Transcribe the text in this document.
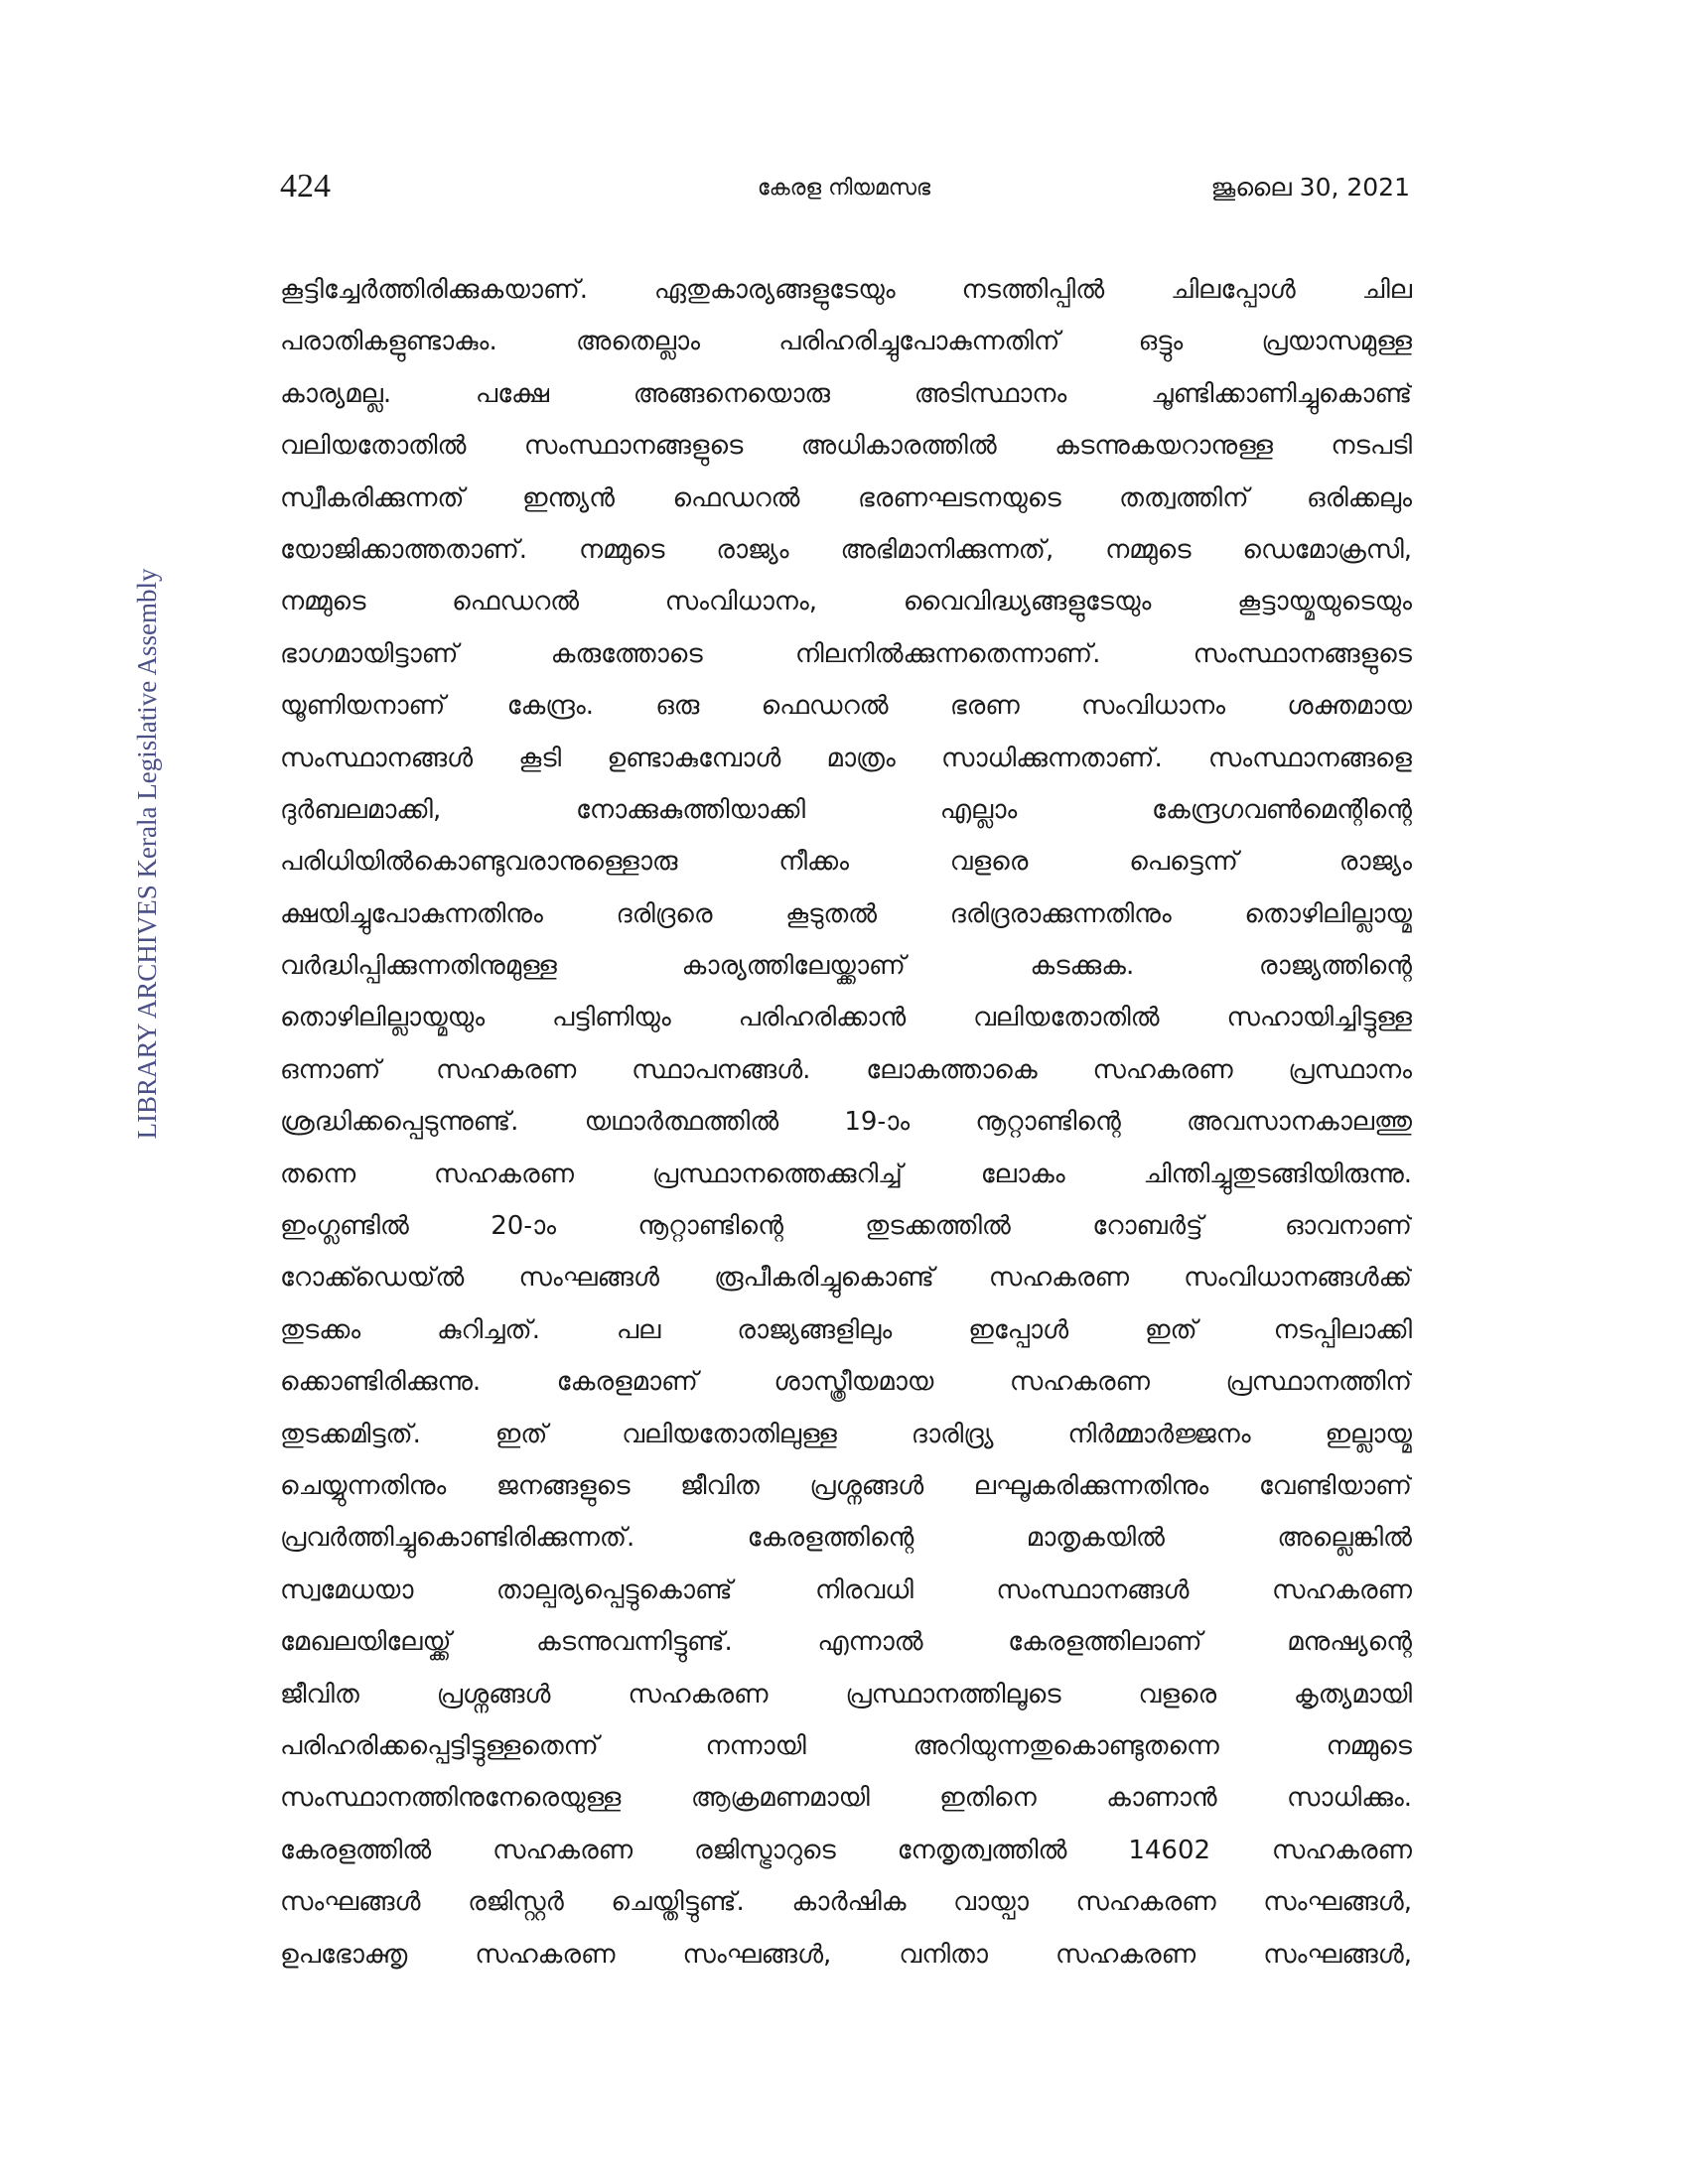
424	കേരള നിയമസഭ	ജൂലൈ 30, 2021
LIBRARY ARCHIVES Kerala Legislative Assembly
കൂട്ടിച്ചേർത്തിരിക്കുകയാണ്. ഏതുകാര്യങ്ങളുടേയും നടത്തിപ്പിൽ ചിലപ്പോൾ ചില
പരാതികളുണ്ടാകും. അതെല്ലാം പരിഹരിച്ചുപോകുന്നതിന് ഒട്ടും പ്രയാസമുള്ള
കാര്യമല്ല. പക്ഷേ അങ്ങനെയൊരു അടിസ്ഥാനം ചൂണ്ടിക്കാണിച്ചുകൊണ്ട്
വലിയതോതിൽ സംസ്ഥാനങ്ങളുടെ അധികാരത്തിൽ കടന്നുകയറാനുള്ള നടപടി
സ്വീകരിക്കുന്നത് ഇന്ത്യൻ ഫെഡറൽ ഭരണഘടനയുടെ തത്വത്തിന് ഒരിക്കലും
യോജിക്കാത്തതാണ്. നമ്മുടെ രാജ്യം അഭിമാനിക്കുന്നത്, നമ്മുടെ ഡെമോക്രസി,
നമ്മുടെ ഫെഡറൽ സംവിധാനം, വൈവിദ്ധ്യങ്ങളുടേയും കൂട്ടായ്മയുടെയും
ഭാഗമായിട്ടാണ് കരുത്തോടെ നിലനിൽക്കുന്നതെന്നാണ്. സംസ്ഥാനങ്ങളുടെ
യൂണിയനാണ് കേന്ദ്രം. ഒരു ഫെഡറൽ ഭരണ സംവിധാനം ശക്തമായ
സംസ്ഥാനങ്ങൾ കൂടി ഉണ്ടാകുമ്പോൾ മാത്രം സാധിക്കുന്നതാണ്. സംസ്ഥാനങ്ങളെ
ദുർബലമാക്കി, നോക്കുകുത്തിയാക്കി എല്ലാം കേന്ദ്രഗവൺമെന്റിന്റെ
പരിധിയിൽകൊണ്ടുവരാനുള്ളൊരു നീക്കം വളരെ പെട്ടെന്ന് രാജ്യം
ക്ഷയിച്ചുപോകുന്നതിനും ദരിദ്രരെ കൂടുതൽ ദരിദ്രരാക്കുന്നതിനും തൊഴിലില്ലായ്മ
വർദ്ധിപ്പിക്കുന്നതിനുമുള്ള കാര്യത്തിലേയ്ക്കാണ് കടക്കുക. രാജ്യത്തിന്റെ
തൊഴിലില്ലായ്മയും പട്ടിണിയും പരിഹരിക്കാൻ വലിയതോതിൽ സഹായിച്ചിട്ടുള്ള
ഒന്നാണ് സഹകരണ സ്ഥാപനങ്ങൾ. ലോകത്താകെ സഹകരണ പ്രസ്ഥാനം
ശ്രദ്ധിക്കപ്പെടുന്നുണ്ട്. യഥാർത്ഥത്തിൽ 19-ാം നൂറ്റാണ്ടിന്റെ അവസാനകാലത്തു
തന്നെ സഹകരണ പ്രസ്ഥാനത്തെക്കുറിച്ച് ലോകം ചിന്തിച്ചുതുടങ്ങിയിരുന്നു.
ഇംഗ്ലണ്ടിൽ 20-ാം നൂറ്റാണ്ടിന്റെ തുടക്കത്തിൽ റോബർട്ട് ഓവനാണ്
റോക്ക്ഡെയ്ൽ സംഘങ്ങൾ രൂപീകരിച്ചുകൊണ്ട് സഹകരണ സംവിധാനങ്ങൾക്ക്
തുടക്കം കുറിച്ചത്. പല രാജ്യങ്ങളിലും ഇപ്പോൾ ഇത് നടപ്പിലാക്കി
ക്കൊണ്ടിരിക്കുന്നു. കേരളമാണ് ശാസ്ത്രീയമായ സഹകരണ പ്രസ്ഥാനത്തിന്
തുടക്കമിട്ടത്. ഇത് വലിയതോതിലുള്ള ദാരിദ്ര്യ നിർമ്മാർജ്ജനം ഇല്ലായ്മ
ചെയ്യുന്നതിനും ജനങ്ങളുടെ ജീവിത പ്രശ്നങ്ങൾ ലഘൂകരിക്കുന്നതിനും വേണ്ടിയാണ്
പ്രവർത്തിച്ചുകൊണ്ടിരിക്കുന്നത്. കേരളത്തിന്റെ മാതൃകയിൽ അല്ലെങ്കിൽ
സ്വമേധയാ താല്പര്യപ്പെട്ടുകൊണ്ട് നിരവധി സംസ്ഥാനങ്ങൾ സഹകരണ
മേഖലയിലേയ്ക്ക് കടന്നുവന്നിട്ടുണ്ട്. എന്നാൽ കേരളത്തിലാണ് മനുഷ്യന്റെ
ജീവിത പ്രശ്നങ്ങൾ സഹകരണ പ്രസ്ഥാനത്തിലൂടെ വളരെ കൃത്യമായി
പരിഹരിക്കപ്പെട്ടിട്ടുള്ളതെന്ന് നന്നായി അറിയുന്നതുകൊണ്ടുതന്നെ നമ്മുടെ
സംസ്ഥാനത്തിനുനേരെയുള്ള ആക്രമണമായി ഇതിനെ കാണാൻ സാധിക്കും.
കേരളത്തിൽ സഹകരണ രജിസ്ട്രാറുടെ നേതൃത്വത്തിൽ 14602 സഹകരണ
സംഘങ്ങൾ രജിസ്റ്റർ ചെയ്തിട്ടുണ്ട്. കാർഷിക വായ്പാ സഹകരണ സംഘങ്ങൾ,
ഉപഭോക്തൃ സഹകരണ സംഘങ്ങൾ, വനിതാ സഹകരണ സംഘങ്ങൾ,
